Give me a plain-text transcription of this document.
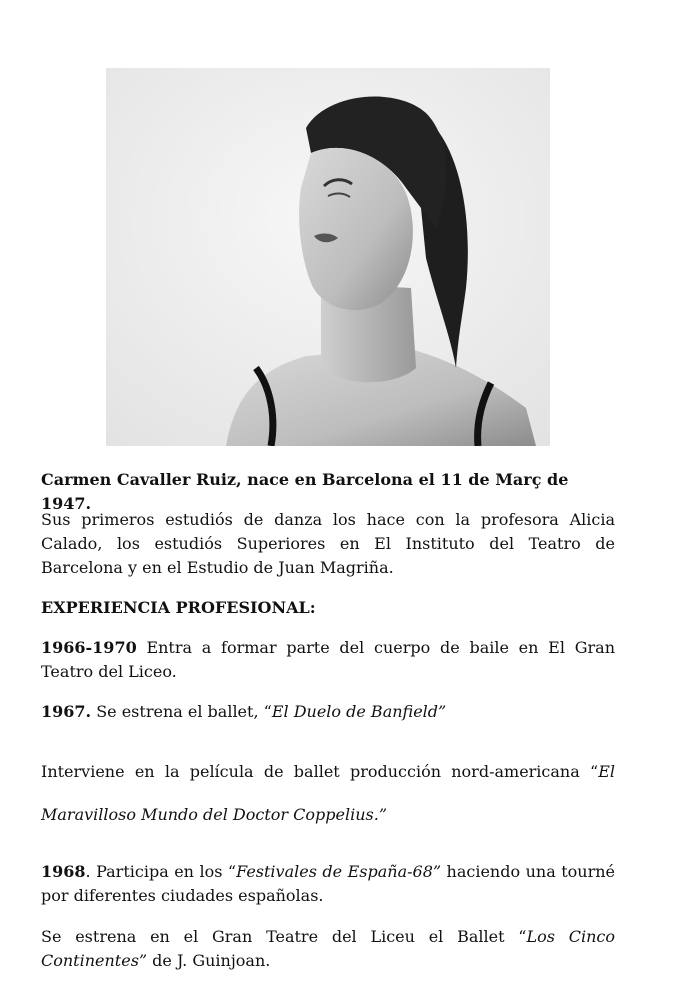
Carmen Cavaller Ruiz, nace en Barcelona el 11 de Març de 1947.

Sus primeros estudiós de danza los hace con la profesora Alicia Calado, los estudiós Superiores en El Instituto del Teatro de Barcelona y en el Estudio de Juan Magriña.

EXPERIENCIA PROFESIONAL:

1966-1970 Entra a formar parte del cuerpo de baile en El Gran Teatro del Liceo.

1967. Se estrena el ballet, “El Duelo de Banfield”

Interviene en la película de ballet producción nord-americana “El

Maravilloso Mundo del Doctor Coppelius.”

1968. Participa en los “Festivales de España-68” haciendo una tourné por diferentes ciudades españolas.

Se estrena en el Gran Teatre del Liceu el Ballet “Los Cinco Continentes” de J. Guinjoan.
